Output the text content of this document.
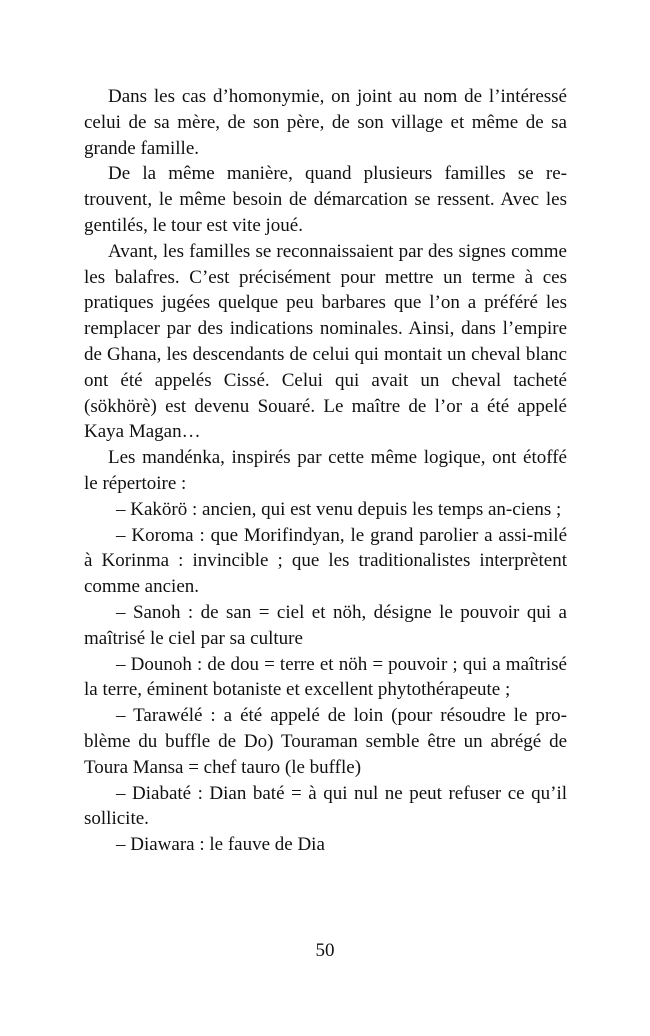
Dans les cas d’homonymie, on joint au nom de l’intéressé celui de sa mère, de son père, de son village et même de sa grande famille.

De la même manière, quand plusieurs familles se re-trouvent, le même besoin de démarcation se ressent. Avec les gentilés, le tour est vite joué.

Avant, les familles se reconnaissaient par des signes comme les balafres. C’est précisément pour mettre un terme à ces pratiques jugées quelque peu barbares que l’on a préféré les remplacer par des indications nominales. Ainsi, dans l’empire de Ghana, les descendants de celui qui montait un cheval blanc ont été appelés Cissé. Celui qui avait un cheval tacheté (sökhörè) est devenu Souaré. Le maître de l’or a été appelé Kaya Magan…

Les mandénka, inspirés par cette même logique, ont étoffé le répertoire :

– Kakörö : ancien, qui est venu depuis les temps an-ciens ;

– Koroma : que Morifindyan, le grand parolier a assi-milé à Korinma : invincible ; que les traditionalistes interprètent comme ancien.

– Sanoh : de san = ciel et nöh, désigne le pouvoir qui a maîtrisé le ciel par sa culture

– Dounoh : de dou = terre et nöh = pouvoir ; qui a maîtrisé la terre, éminent botaniste et excellent phytothérapeute ;

– Tarawélé : a été appelé de loin (pour résoudre le pro-blème du buffle de Do) Touraman semble être un abrégé de Toura Mansa = chef tauro (le buffle)

– Diabaté : Dian baté = à qui nul ne peut refuser ce qu’il sollicite.

– Diawara : le fauve de Dia

50
